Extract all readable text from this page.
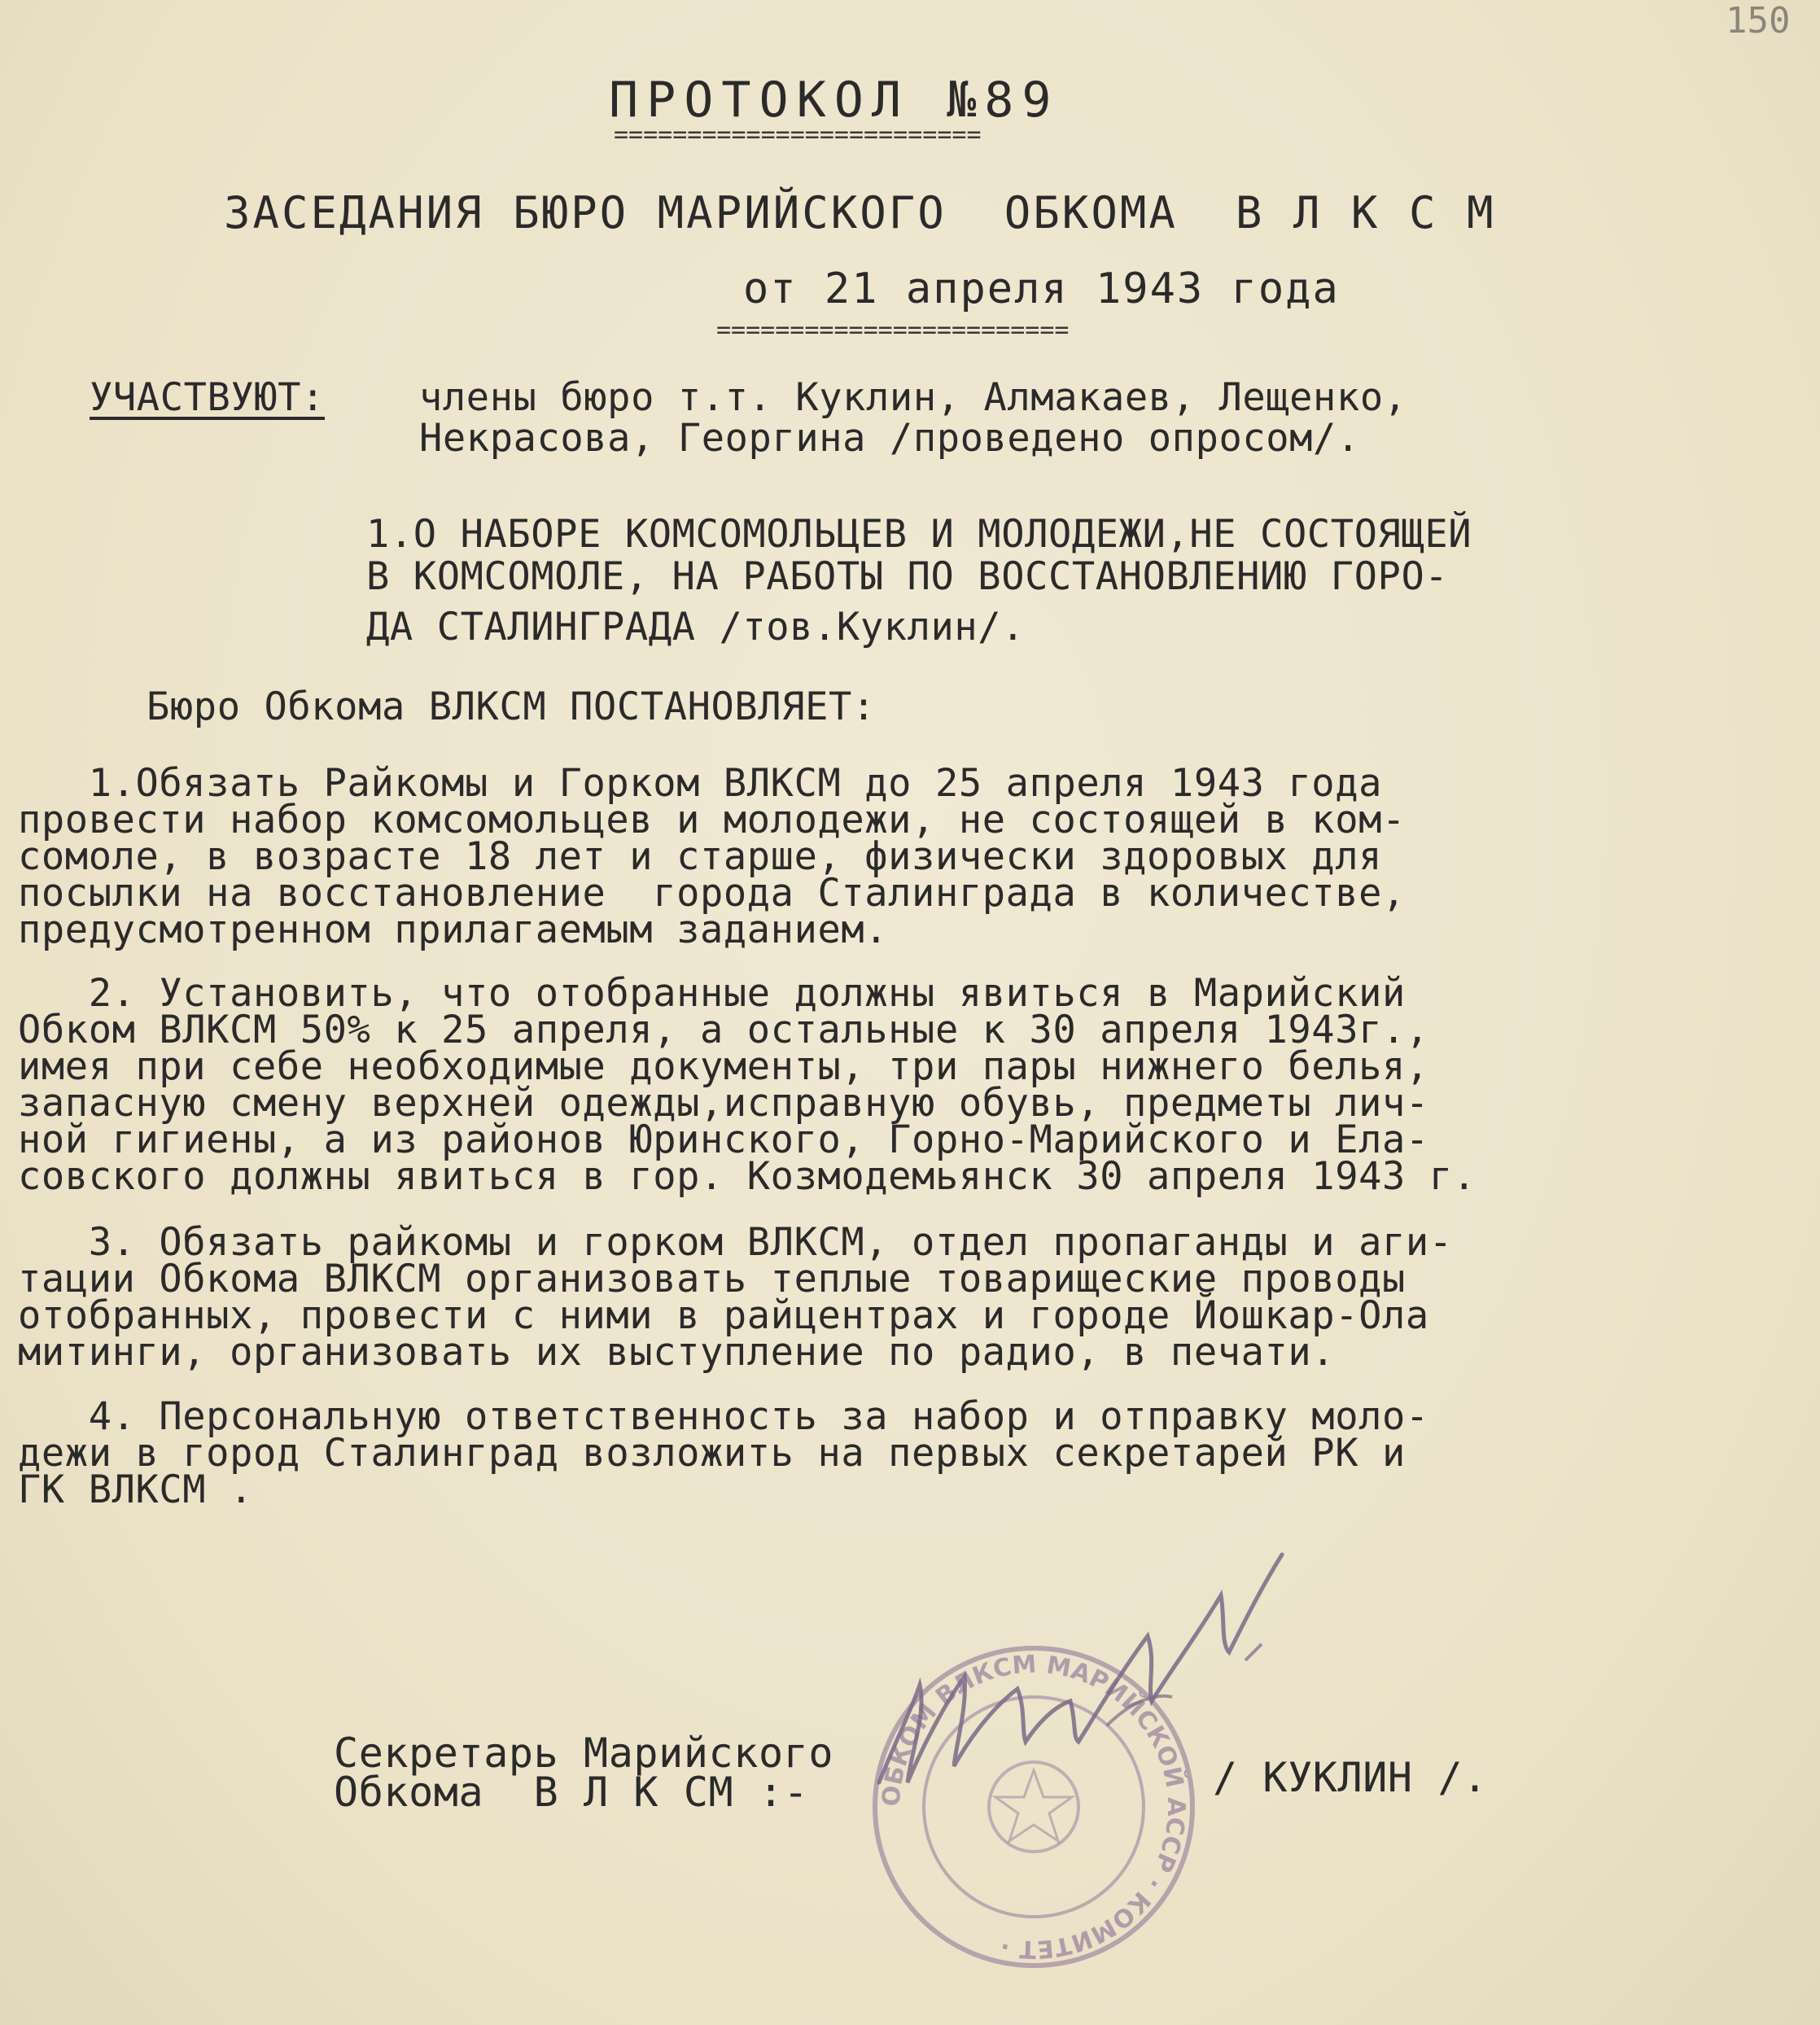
150
ПРОТОКОЛ №89
=========================
ЗАСЕДАНИЯ БЮРО МАРИЙСКОГО  ОБКОМА  В Л К С М
от 21 апреля 1943 года
========================
УЧАСТВУЮТ: члены бюро т.т. Куклин, Алмакаев, Лещенко,
Некрасова, Георгина /проведено опросом/.
1.О НАБОРЕ КОМСОМОЛЬЦЕВ И МОЛОДЕЖИ,НЕ СОСТОЯЩЕЙ
В КОМСОМОЛЕ, НА РАБОТЫ ПО ВОССТАНОВЛЕНИЮ ГОРО-
ДА СТАЛИНГРАДА /тов.Куклин/.
Бюро Обкома ВЛКСМ ПОСТАНОВЛЯЕТ:
1.Обязать Райкомы и Горком ВЛКСМ до 25 апреля 1943 года
провести набор комсомольцев и молодежи, не состоящей в ком-
сомоле, в возрасте 18 лет и старше, физически здоровых для
посылки на восстановление  города Сталинграда в количестве,
предусмотренном прилагаемым заданием.
2. Установить, что отобранные должны явиться в Марийский
Обком ВЛКСМ 50% к 25 апреля, а остальные к 30 апреля 1943г.,
имея при себе необходимые документы, три пары нижнего белья,
запасную смену верхней одежды,исправную обувь, предметы лич-
ной гигиены, а из районов Юринского, Горно-Марийского и Ела-
совского должны явиться в гор. Козмодемьянск 30 апреля 1943 г.
3. Обязать райкомы и горком ВЛКСМ, отдел пропаганды и аги-
тации Обкома ВЛКСМ организовать теплые товарищеские проводы
отобранных, провести с ними в райцентрах и городе Йошкар-Ола
митинги, организовать их выступление по радио, в печати.
4. Персональную ответственность за набор и отправку моло-
дежи в город Сталинград возложить на первых секретарей РК и
ГК ВЛКСМ .
ОБКОМ ВЛКСМ МАРИЙСКОЙ АССР · КОМИТЕТ ·
Секретарь Марийского
Обкома  В Л К СМ :-	/ КУКЛИН /.
